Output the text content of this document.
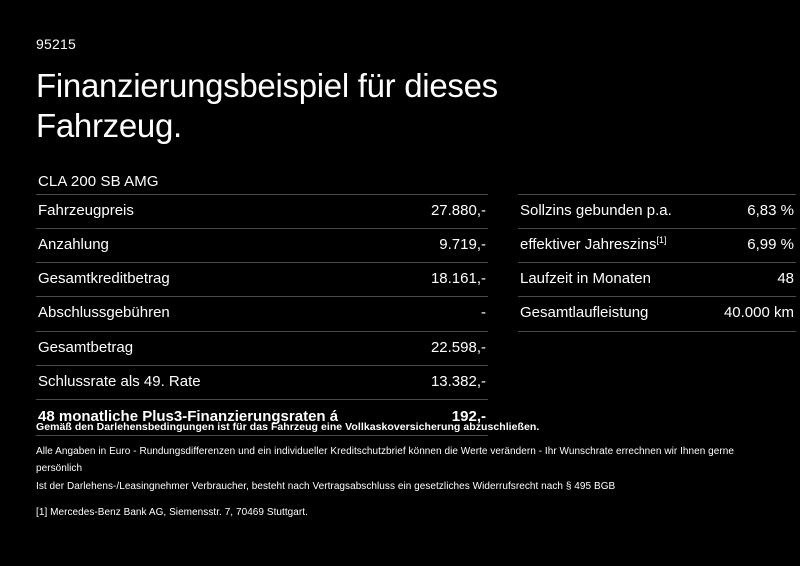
95215
Finanzierungsbeispiel für dieses Fahrzeug.
CLA 200 SB AMG
Fahrzeugpreis	27.880,-
Anzahlung	9.719,-
Gesamtkreditbetrag	18.161,-
Abschlussgebühren	-
Gesamtbetrag	22.598,-
Schlussrate als 49. Rate	13.382,-
48 monatliche Plus3-Finanzierungsraten á	192,-
Sollzins gebunden p.a.	6,83 %
effektiver Jahreszins[1]	6,99 %
Laufzeit in Monaten	48
Gesamtlaufleistung	40.000 km
Gemäß den Darlehensbedingungen ist für das Fahrzeug eine Vollkaskoversicherung abzuschließen.
Alle Angaben in Euro - Rundungsdifferenzen und ein individueller Kreditschutzbrief können die Werte verändern - Ihr Wunschrate errechnen wir Ihnen gerne persönlich
Ist der Darlehens-/Leasingnehmer Verbraucher, besteht nach Vertragsabschluss ein gesetzliches Widerrufsrecht nach § 495 BGB
[1] Mercedes-Benz Bank AG, Siemensstr. 7, 70469 Stuttgart.
